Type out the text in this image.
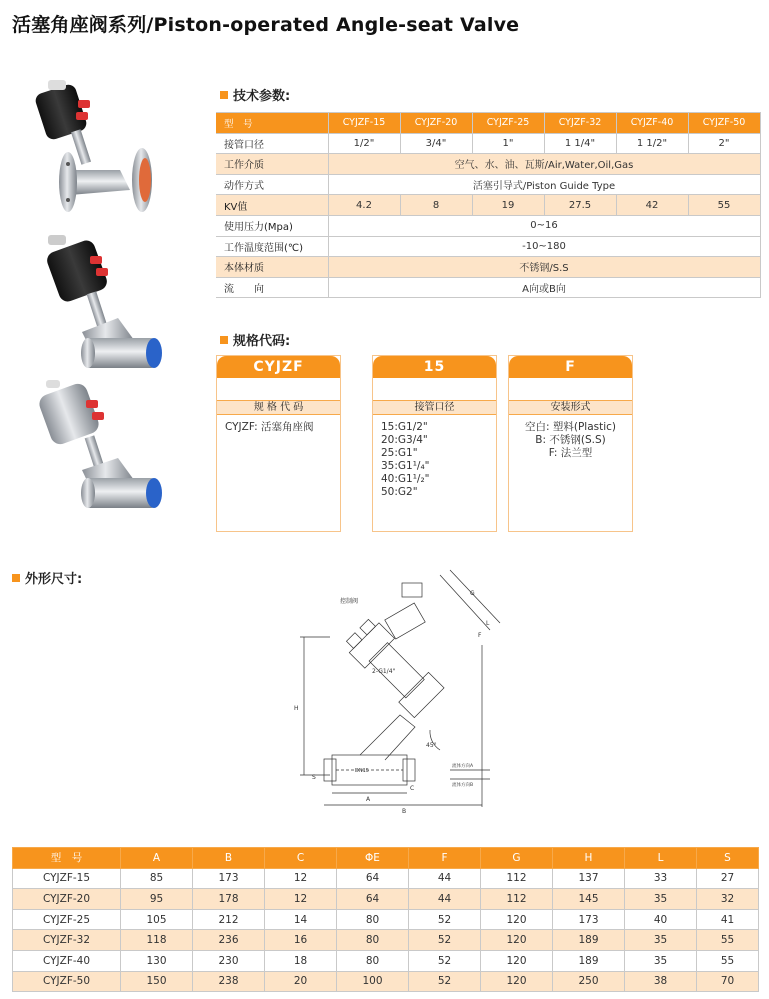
活塞角座阀系列/Piston-operated Angle-seat Valve
技术参数:
型　号	CYJZF-15	CYJZF-20	CYJZF-25	CYJZF-32	CYJZF-40	CYJZF-50
接管口径	1/2"	3/4"	1"	1 1/4"	1 1/2"	2"
工作介质	空气、水、油、瓦斯/Air,Water,Oil,Gas					
动作方式	活塞引导式/Piston Guide Type					
KV值	4.2	8	19	27.5	42	55
使用压力(Mpa)	0~16					
工作温度范围(℃)	-10~180					
本体材质	不锈钢/S.S					
流　　向	A向或B向					
规格代码:
CYJZF
规 格 代 码
CYJZF: 活塞角座阀
15
接管口径
15:G1/2"
20:G3/4"
25:G1"
35:G1¹/₄"
40:G1¹/₂"
50:G2"
F
安装形式
空白: 塑料(Plastic)
B: 不锈钢(S.S)
F: 法兰型
外形尺寸:
H
A
B
C
S
G
L
F
控制阀
2-G1/4"
45°
DN15
流体方向A
流体方向B
型　号	A	B	C	ΦE	F	G	H	L	S
CYJZF-15	85	173	12	64	44	112	137	33	27
CYJZF-20	95	178	12	64	44	112	145	35	32
CYJZF-25	105	212	14	80	52	120	173	40	41
CYJZF-32	118	236	16	80	52	120	189	35	55
CYJZF-40	130	230	18	80	52	120	189	35	55
CYJZF-50	150	238	20	100	52	120	250	38	70
